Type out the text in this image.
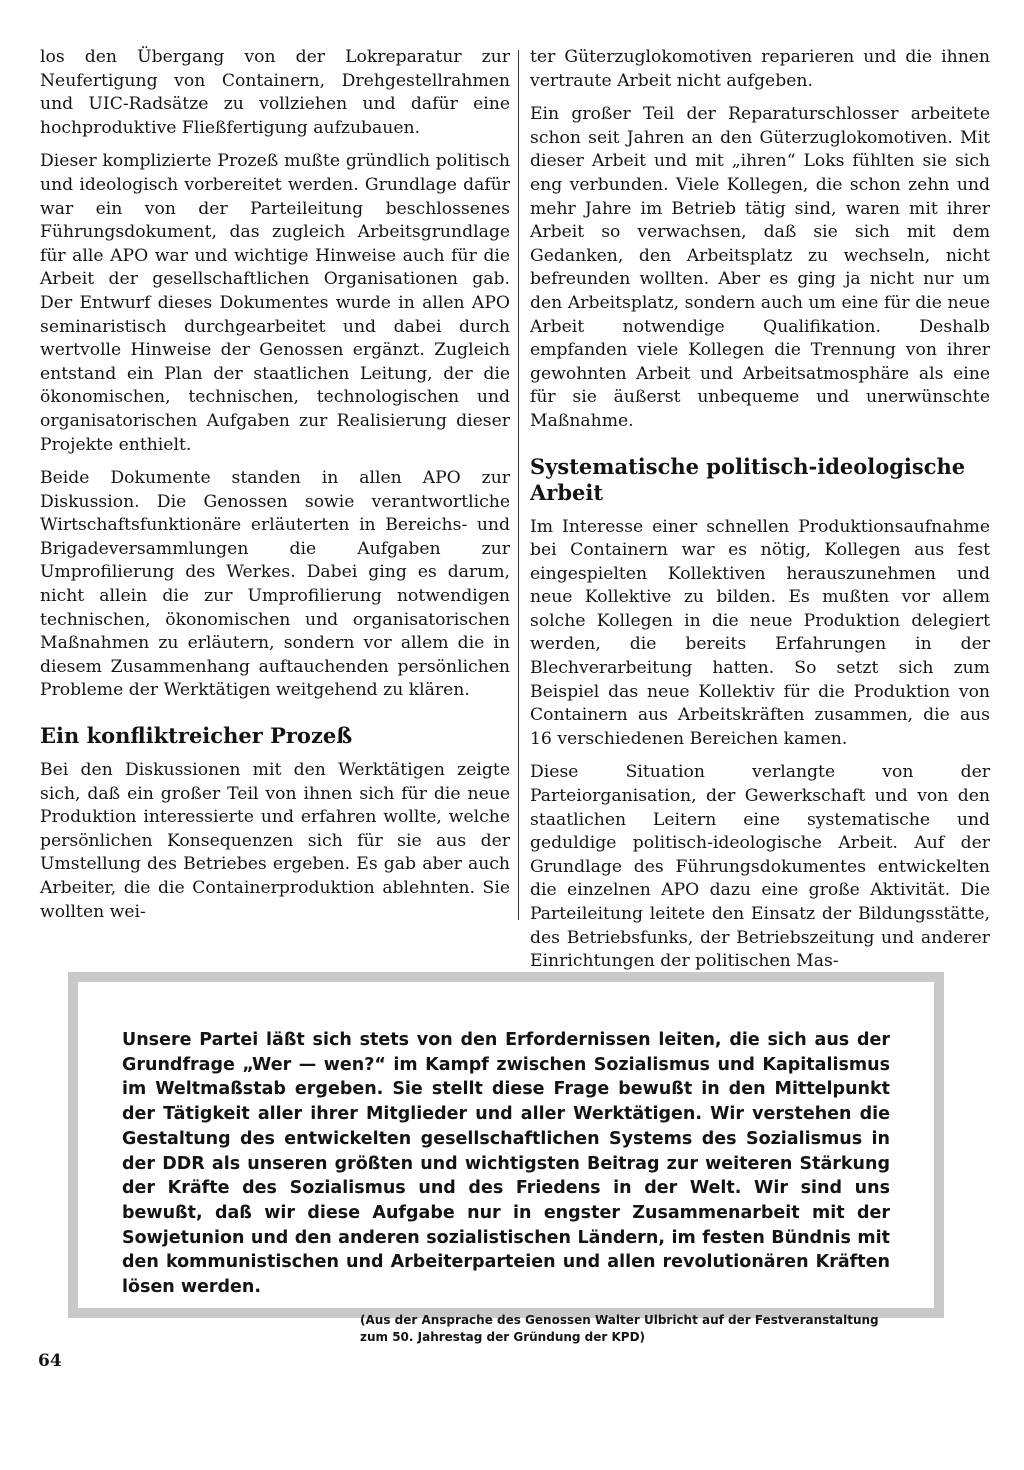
los den Übergang von der Lokreparatur zur Neufertigung von Containern, Drehgestellrahmen und UIC-Radsätze zu vollziehen und dafür eine hochproduktive Fließfertigung aufzubauen.

Dieser komplizierte Prozeß mußte gründlich politisch und ideologisch vorbereitet werden. Grundlage dafür war ein von der Parteileitung beschlossenes Führungsdokument, das zugleich Arbeitsgrundlage für alle APO war und wichtige Hinweise auch für die Arbeit der gesellschaftlichen Organisationen gab. Der Entwurf dieses Dokumentes wurde in allen APO seminaristisch durchgearbeitet und dabei durch wertvolle Hinweise der Genossen ergänzt. Zugleich entstand ein Plan der staatlichen Leitung, der die ökonomischen, technischen, technologischen und organisatorischen Aufgaben zur Realisierung dieser Projekte enthielt.

Beide Dokumente standen in allen APO zur Diskussion. Die Genossen sowie verantwortliche Wirtschaftsfunktionäre erläuterten in Bereichs- und Brigadeversammlungen die Aufgaben zur Umprofilierung des Werkes. Dabei ging es darum, nicht allein die zur Umprofilierung notwendigen technischen, ökonomischen und organisatorischen Maßnahmen zu erläutern, sondern vor allem die in diesem Zusammenhang auftauchenden persönlichen Probleme der Werktätigen weitgehend zu klären.

Ein konfliktreicher Prozeß

Bei den Diskussionen mit den Werktätigen zeigte sich, daß ein großer Teil von ihnen sich für die neue Produktion interessierte und erfahren wollte, welche persönlichen Konsequenzen sich für sie aus der Umstellung des Betriebes ergeben. Es gab aber auch Arbeiter, die die Containerproduktion ablehnten. Sie wollten wei-

ter Güterzuglokomotiven reparieren und die ihnen vertraute Arbeit nicht aufgeben.

Ein großer Teil der Reparaturschlosser arbeitete schon seit Jahren an den Güterzuglokomotiven. Mit dieser Arbeit und mit „ihren“ Loks fühlten sie sich eng verbunden. Viele Kollegen, die schon zehn und mehr Jahre im Betrieb tätig sind, waren mit ihrer Arbeit so verwachsen, daß sie sich mit dem Gedanken, den Arbeitsplatz zu wechseln, nicht befreunden wollten. Aber es ging ja nicht nur um den Arbeitsplatz, sondern auch um eine für die neue Arbeit notwendige Qualifikation. Deshalb empfanden viele Kollegen die Trennung von ihrer gewohnten Arbeit und Arbeitsatmosphäre als eine für sie äußerst unbequeme und unerwünschte Maßnahme.

Systematische politisch-ideologische Arbeit

Im Interesse einer schnellen Produktionsaufnahme bei Containern war es nötig, Kollegen aus fest eingespielten Kollektiven herauszunehmen und neue Kollektive zu bilden. Es mußten vor allem solche Kollegen in die neue Produktion delegiert werden, die bereits Erfahrungen in der Blechverarbeitung hatten. So setzt sich zum Beispiel das neue Kollektiv für die Produktion von Containern aus Arbeitskräften zusammen, die aus 16 verschiedenen Bereichen kamen.

Diese Situation verlangte von der Parteiorganisation, der Gewerkschaft und von den staatlichen Leitern eine systematische und geduldige politisch-ideologische Arbeit. Auf der Grundlage des Führungsdokumentes entwickelten die einzelnen APO dazu eine große Aktivität. Die Parteileitung leitete den Einsatz der Bildungsstätte, des Betriebsfunks, der Betriebszeitung und anderer Einrichtungen der politischen Mas-

Unsere Partei läßt sich stets von den Erfordernissen leiten, die sich aus der Grundfrage „Wer — wen?“ im Kampf zwischen Sozialismus und Kapitalismus im Weltmaßstab ergeben. Sie stellt diese Frage bewußt in den Mittelpunkt der Tätigkeit aller ihrer Mitglieder und aller Werktätigen. Wir verstehen die Gestaltung des entwickelten gesellschaftlichen Systems des Sozialismus in der DDR als unseren größten und wichtigsten Beitrag zur weiteren Stärkung der Kräfte des Sozialismus und des Friedens in der Welt. Wir sind uns bewußt, daß wir diese Aufgabe nur in engster Zusammenarbeit mit der Sowjetunion und den anderen sozialistischen Ländern, im festen Bündnis mit den kommunistischen und Arbeiterparteien und allen revolutionären Kräften lösen werden.

(Aus der Ansprache des Genossen Walter Ulbricht auf der Festveranstaltung zum 50. Jahrestag der Gründung der KPD)

64
